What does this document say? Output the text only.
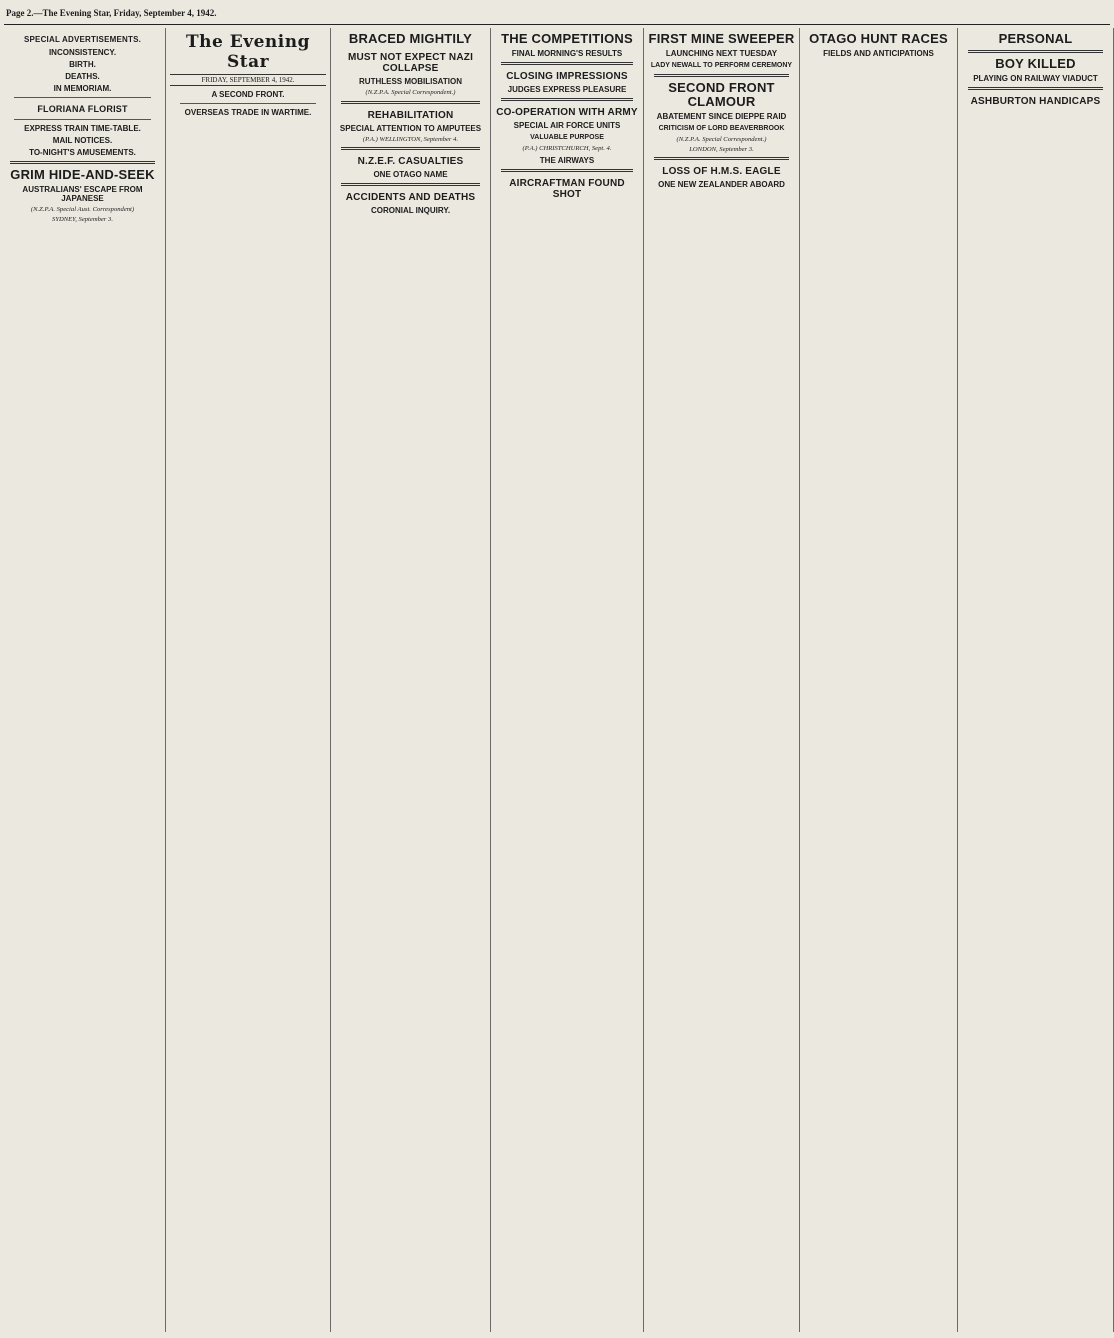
Page 2.—The Evening Star, Friday, September 4, 1942.
SPECIAL ADVERTISEMENTS.
INCONSISTENCY.

BIRTH.

DEATHS.

IN MEMORIAM.

FLORIANA FLORIST
EXPRESS TRAIN TIME-TABLE.

MAIL NOTICES.

TO-NIGHT'S AMUSEMENTS.

GRIM HIDE-AND-SEEK
AUSTRALIANS' ESCAPE FROM JAPANESE
(N.Z.P.A. Special Aust. Correspondent)
SYDNEY, September 3.

The Evening Star
FRIDAY, SEPTEMBER 4, 1942.
A SECOND FRONT.

OVERSEAS TRADE IN WARTIME.

BRACED MIGHTILY
MUST NOT EXPECT NAZI COLLAPSE
RUTHLESS MOBILISATION
(N.Z.P.A. Special Correspondent.)

REHABILITATION
SPECIAL ATTENTION TO AMPUTEES
(P.A.) WELLINGTON, September 4.

N.Z.E.F. CASUALTIES
ONE OTAGO NAME

ACCIDENTS AND DEATHS
CORONIAL INQUIRY.

THE COMPETITIONS
FINAL MORNING'S RESULTS

CLOSING IMPRESSIONS
JUDGES EXPRESS PLEASURE

CO-OPERATION WITH ARMY
SPECIAL AIR FORCE UNITS
VALUABLE PURPOSE
(P.A.) CHRISTCHURCH, Sept. 4.

THE AIRWAYS

AIRCRAFTMAN FOUND SHOT

FIRST MINE SWEEPER
LAUNCHING NEXT TUESDAY
LADY NEWALL TO PERFORM CEREMONY

SECOND FRONT CLAMOUR
ABATEMENT SINCE DIEPPE RAID
CRITICISM OF LORD BEAVERBROOK
(N.Z.P.A. Special Correspondent.)
LONDON, September 3.

LOSS OF H.M.S. EAGLE
ONE NEW ZEALANDER ABOARD

OTAGO HUNT RACES
FIELDS AND ANTICIPATIONS

PERSONAL

BOY KILLED
PLAYING ON RAILWAY VIADUCT

ASHBURTON HANDICAPS
